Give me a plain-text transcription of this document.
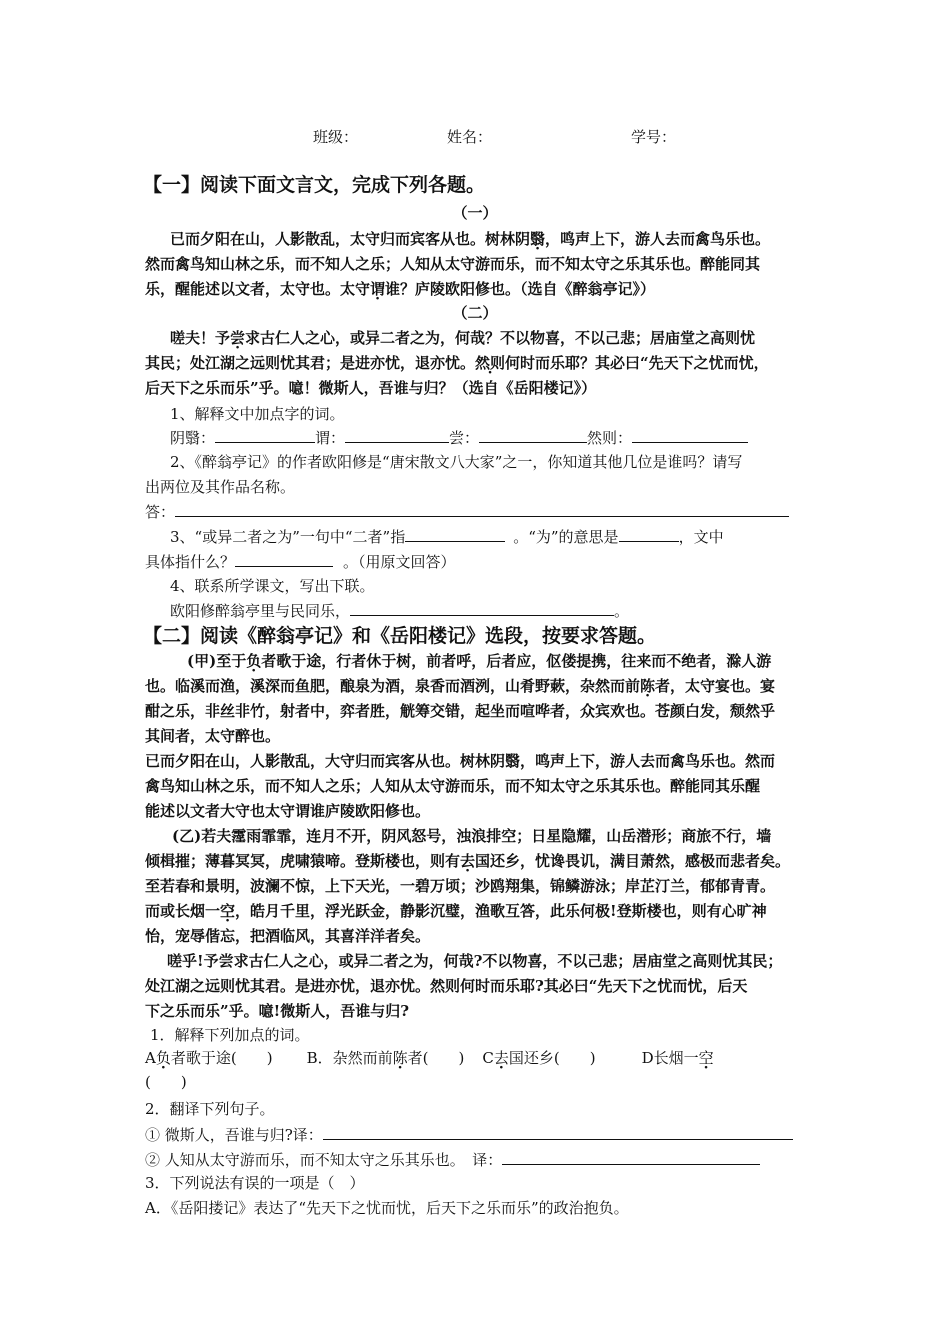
班级：	姓名：	学号：
【一】阅读下面文言文，完成下列各题。
（一）
已而夕阳在山，人影散乱，太守归而宾客从也。树林阴翳，鸣声上下，游人去而禽鸟乐也。
然而禽鸟知山林之乐，而不知人之乐；人知从太守游而乐，而不知太守之乐其乐也。醉能同其
乐，醒能述以文者，太守也。太守谓谁？庐陵欧阳修也。（选自《醉翁亭记》）
（二）
嗟夫！予尝求古仁人之心，或异二者之为，何哉？不以物喜，不以己悲；居庙堂之高则忧
其民；处江湖之远则忧其君；是进亦忧，退亦忧。然则何时而乐耶？其必曰“先天下之忧而忧，
后天下之乐而乐”乎。噫！微斯人，吾谁与归？（选自《岳阳楼记》）
1、解释文中加点字的词。
阴翳：	谓：	尝：	然则：
2、《醉翁亭记》的作者欧阳修是“唐宋散文八大家”之一，你知道其他几位是谁吗？请写
出两位及其作品名称。
答：
3、“或异二者之为”一句中“二者”指	。“为”的意思是	，文中
具体指什么？	。（用原文回答）
4、联系所学课文，写出下联。
欧阳修醉翁亭里与民同乐，	。
【二】阅读《醉翁亭记》和《岳阳楼记》选段，按要求答题。
(甲)至于负者歌于途，行者休于树，前者呼，后者应，伛偻提携，往来而不绝者，滁人游
也。临溪而渔，溪深而鱼肥，酿泉为酒，泉香而酒洌，山肴野蔌，杂然而前陈者，太守宴也。宴
酣之乐，非丝非竹，射者中，弈者胜，觥筹交错，起坐而喧哗者，众宾欢也。苍颜白发，颓然乎
其间者，太守醉也。
已而夕阳在山，人影散乱，大守归而宾客从也。树林阴翳，鸣声上下，游人去而禽鸟乐也。然而
禽鸟知山林之乐，而不知人之乐；人知从太守游而乐，而不知太守之乐其乐也。醉能同其乐醒
能述以文者大守也太守谓谁庐陵欧阳修也。
(乙)若夫霪雨霏霏，连月不开，阴风怒号，浊浪排空；日星隐耀，山岳潜形；商旅不行，墙
倾楫摧；薄暮冥冥，虎啸猿啼。登斯楼也，则有去国还乡，忧谗畏讥，满目萧然，感极而悲者矣。
至若春和景明，波澜不惊，上下天光，一碧万顷；沙鸥翔集，锦鳞游泳；岸芷汀兰，郁郁青青。
而或长烟一空，皓月千里，浮光跃金，静影沉璧，渔歌互答，此乐何极!登斯楼也，则有心旷神
怡，宠辱偕忘，把酒临风，其喜洋洋者矣。
嗟乎!予尝求古仁人之心，或异二者之为，何哉?不以物喜，不以己悲；居庙堂之高则忧其民；
处江湖之远则忧其君。是进亦忧，退亦忧。然则何时而乐耶?其必曰“先天下之忧而忧，后天
下之乐而乐”乎。噫!微斯人，吾谁与归?
1．解释下列加点的词。
A负者歌于途(　　) B．杂然而前陈者(　　) C去国还乡(　　)	D长烟一空
(　　)
2．翻译下列句子。
① 微斯人，吾谁与归?译：
② 人知从太守游而乐，而不知太守之乐其乐也。　译：
3．下列说法有误的一项是（　）
A．《岳阳搂记》表达了“先天下之忧而忧，后天下之乐而乐”的政治抱负。
